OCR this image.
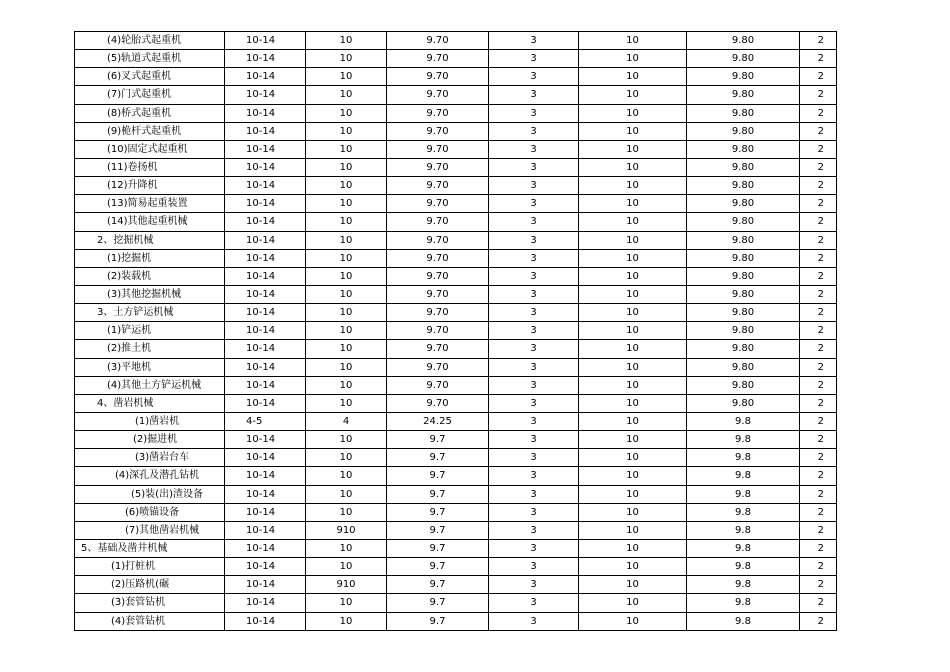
(4)轮胎式起重机	10-14	10	9.70	3	10	9.80	2
(5)轨道式起重机	10-14	10	9.70	3	10	9.80	2
(6)叉式起重机	10-14	10	9.70	3	10	9.80	2
(7)门式起重机	10-14	10	9.70	3	10	9.80	2
(8)桥式起重机	10-14	10	9.70	3	10	9.80	2
(9)桅杆式起重机	10-14	10	9.70	3	10	9.80	2
(10)固定式起重机	10-14	10	9.70	3	10	9.80	2
(11)卷扬机	10-14	10	9.70	3	10	9.80	2
(12)升降机	10-14	10	9.70	3	10	9.80	2
(13)简易起重装置	10-14	10	9.70	3	10	9.80	2
(14)其他起重机械	10-14	10	9.70	3	10	9.80	2
2、挖掘机械	10-14	10	9.70	3	10	9.80	2
(1)挖掘机	10-14	10	9.70	3	10	9.80	2
(2)装载机	10-14	10	9.70	3	10	9.80	2
(3)其他挖掘机械	10-14	10	9.70	3	10	9.80	2
3、土方铲运机械	10-14	10	9.70	3	10	9.80	2
(1)铲运机	10-14	10	9.70	3	10	9.80	2
(2)推土机	10-14	10	9.70	3	10	9.80	2
(3)平地机	10-14	10	9.70	3	10	9.80	2
(4)其他土方铲运机械	10-14	10	9.70	3	10	9.80	2
4、凿岩机械	10-14	10	9.70	3	10	9.80	2
(1)凿岩机	4-5	4	24.25	3	10	9.8	2
(2)掘进机	10-14	10	9.7	3	10	9.8	2
(3)凿岩台车	10-14	10	9.7	3	10	9.8	2
(4)深孔及潜孔钻机	10-14	10	9.7	3	10	9.8	2
(5)装(出)渣设备	10-14	10	9.7	3	10	9.8	2
(6)喷锚设备	10-14	10	9.7	3	10	9.8	2
(7)其他凿岩机械	10-14	910	9.7	3	10	9.8	2
5、基础及凿井机械	10-14	10	9.7	3	10	9.8	2
(1)打桩机	10-14	10	9.7	3	10	9.8	2
(2)压路机(碾	10-14	910	9.7	3	10	9.8	2
(3)套管钻机	10-14	10	9.7	3	10	9.8	2
(4)套管钻机	10-14	10	9.7	3	10	9.8	2
